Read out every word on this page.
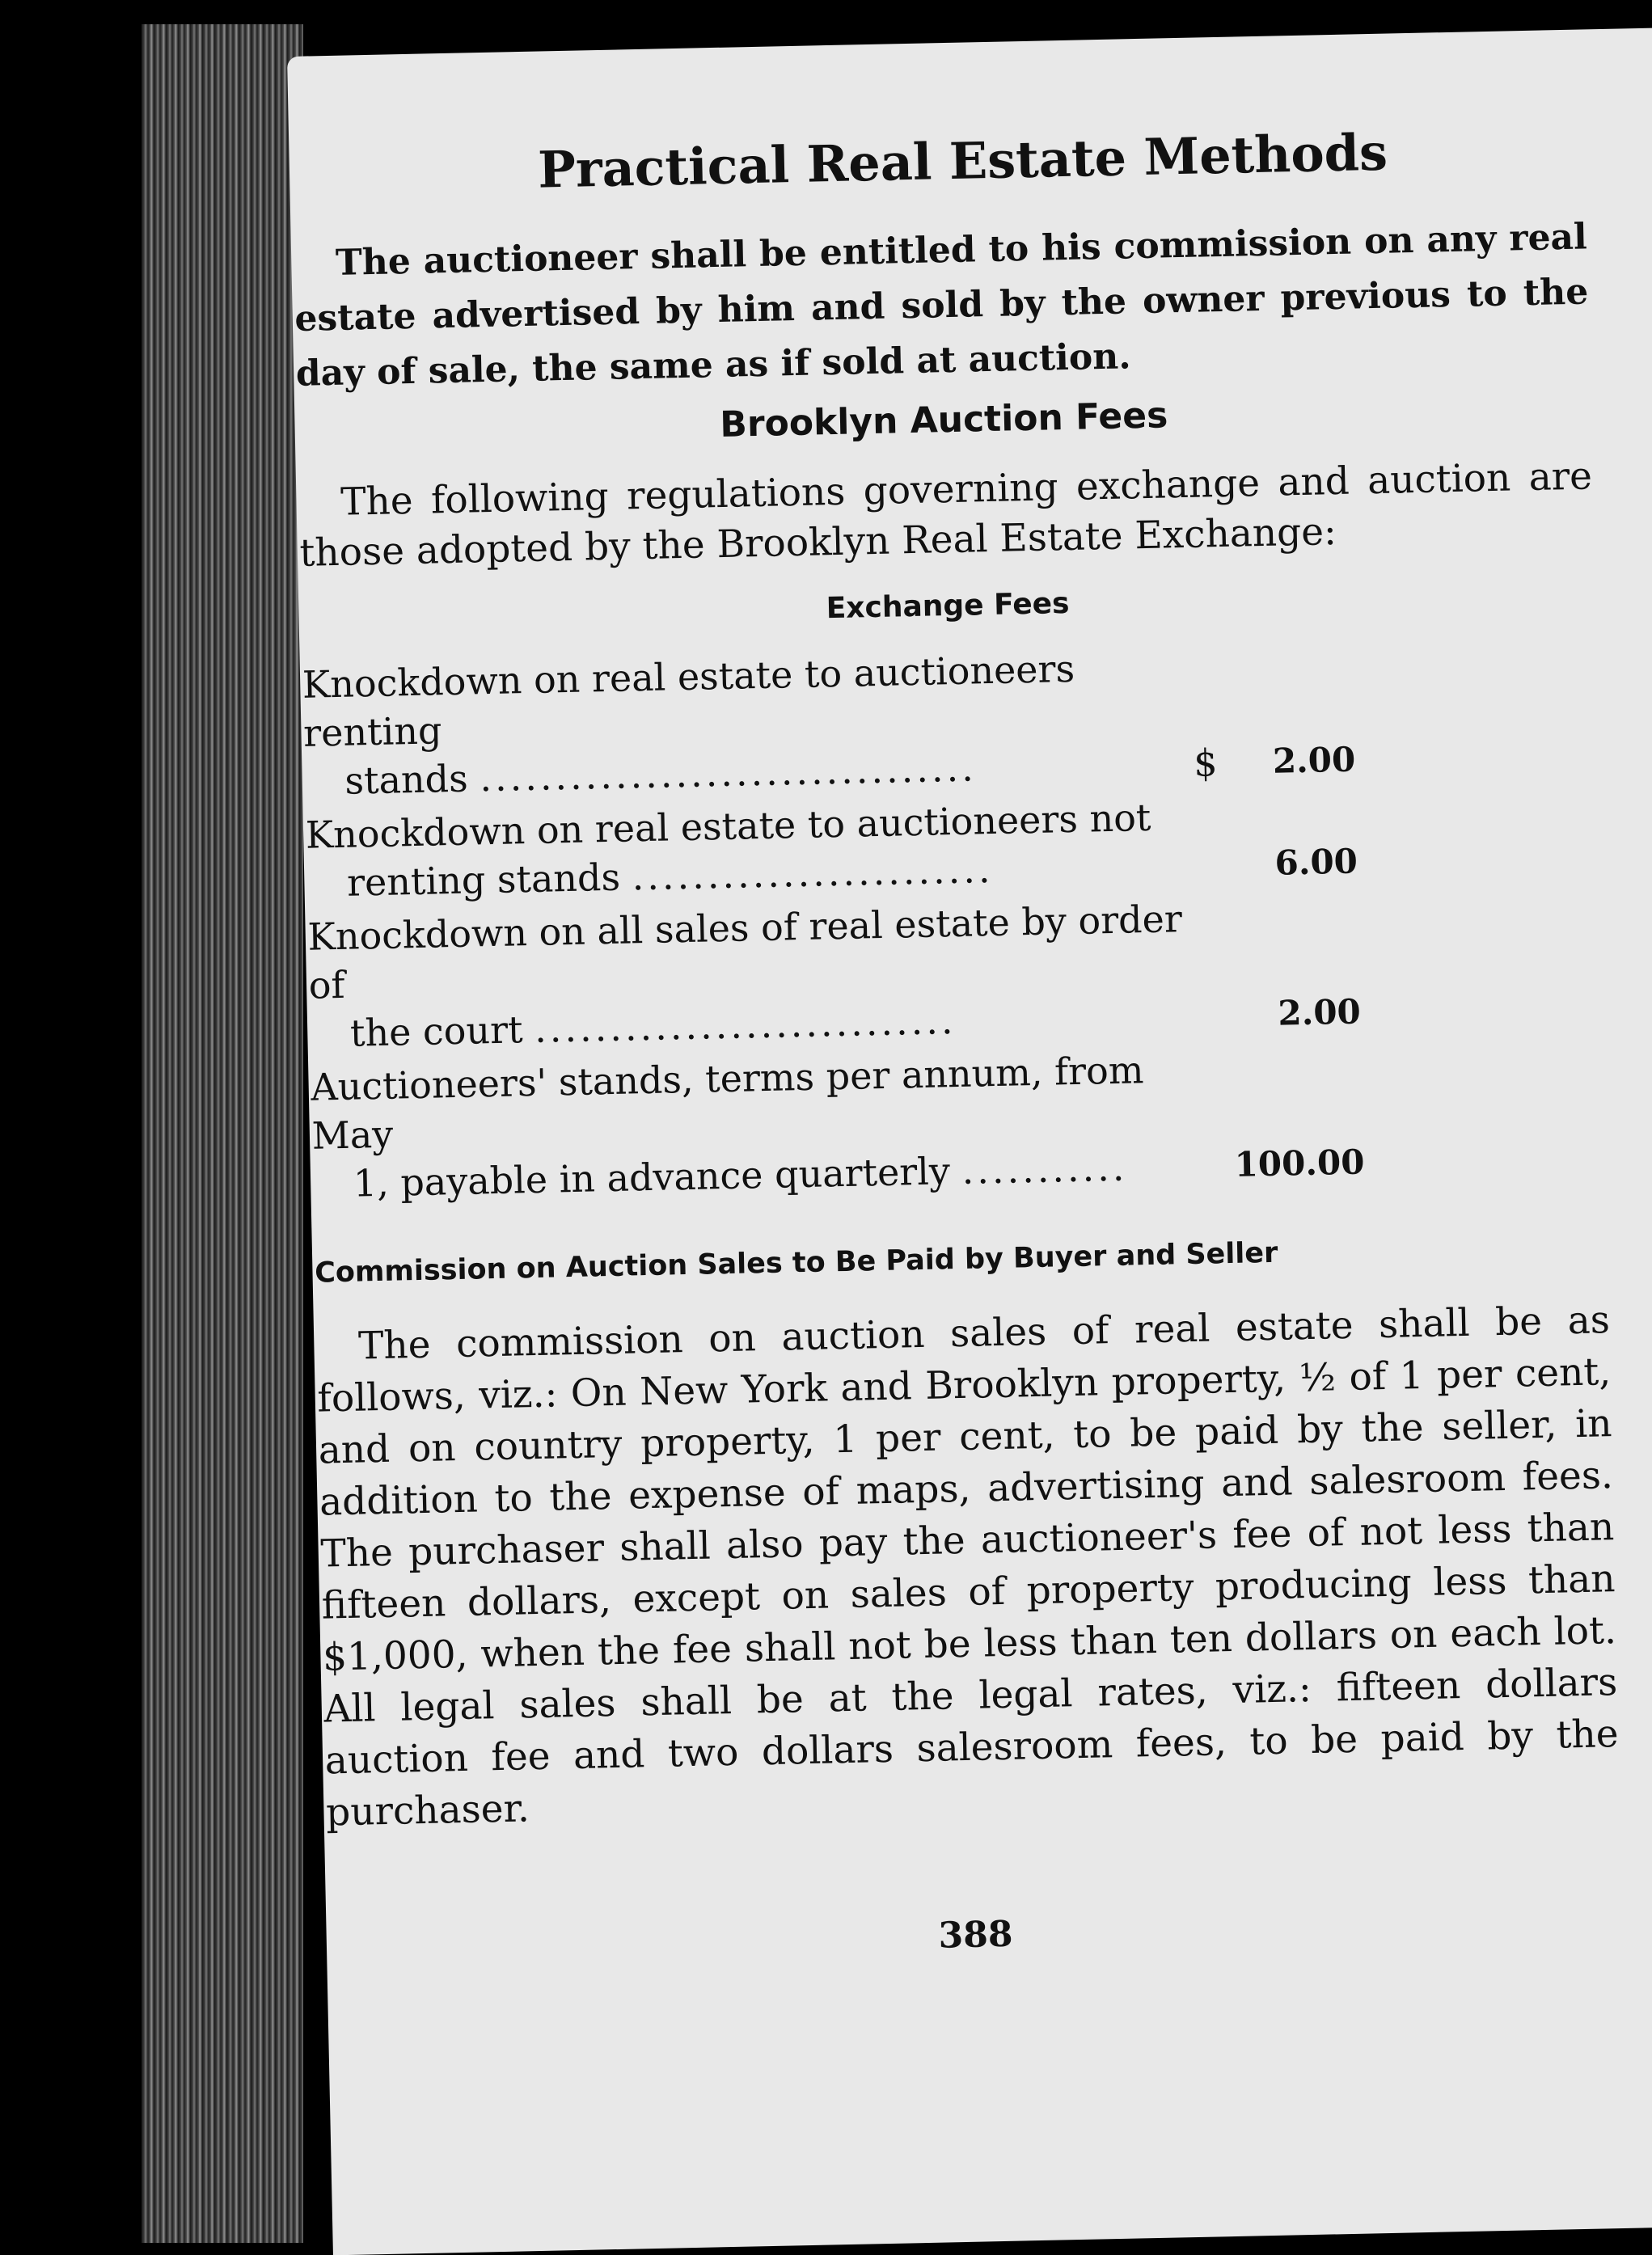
Practical Real Estate Methods

The auctioneer shall be entitled to his commission on any real estate advertised by him and sold by the owner previous to the day of sale, the same as if sold at auction.

Brooklyn Auction Fees

The following regulations governing exchange and auction are those adopted by the Brooklyn Real Estate Exchange:

Exchange Fees
Knockdown on real estate to auctioneers renting
stands .................................	$	2.00
Knockdown on real estate to auctioneers not
renting stands ........................	6.00
Knockdown on all sales of real estate by order of
the court ............................	2.00
Auctioneers' stands, terms per annum, from May
1, payable in advance quarterly ...........	100.00
Commission on Auction Sales to Be Paid by Buyer and Seller

The commission on auction sales of real estate shall be as follows, viz.: On New York and Brooklyn property, ½ of 1 per cent, and on country property, 1 per cent, to be paid by the seller, in addition to the expense of maps, advertising and salesroom fees. The purchaser shall also pay the auctioneer's fee of not less than fifteen dollars, except on sales of property producing less than $1,000, when the fee shall not be less than ten dollars on each lot. All legal sales shall be at the legal rates, viz.: fifteen dollars auction fee and two dollars salesroom fees, to be paid by the purchaser.

388
